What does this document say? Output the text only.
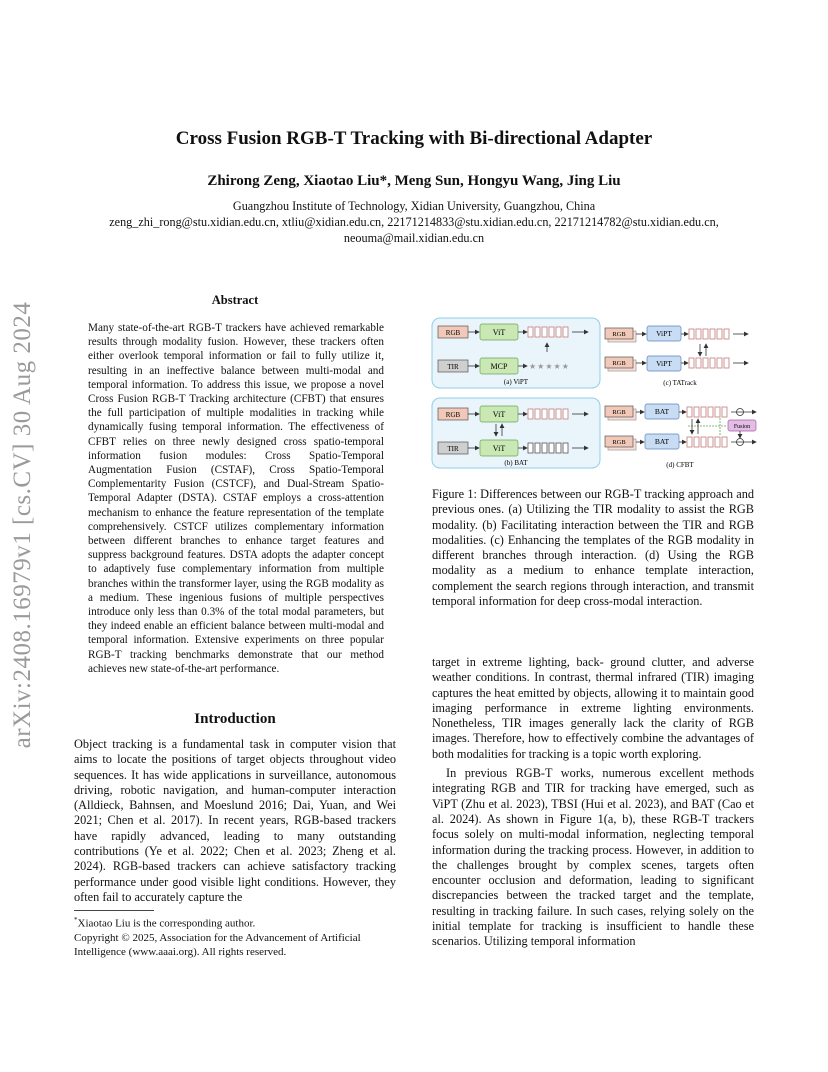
arXiv:2408.16979v1 [cs.CV] 30 Aug 2024
Cross Fusion RGB-T Tracking with Bi-directional Adapter
Zhirong Zeng, Xiaotao Liu*, Meng Sun, Hongyu Wang, Jing Liu
Guangzhou Institute of Technology, Xidian University, Guangzhou, China
zeng_zhi_rong@stu.xidian.edu.cn, xtliu@xidian.edu.cn, 22171214833@stu.xidian.edu.cn, 22171214782@stu.xidian.edu.cn,
neouma@mail.xidian.edu.cn
Abstract
Many state-of-the-art RGB-T trackers have achieved remarkable results through modality fusion. However, these trackers often either overlook temporal information or fail to fully utilize it, resulting in an ineffective balance between multi-modal and temporal information. To address this issue, we propose a novel Cross Fusion RGB-T Tracking architecture (CFBT) that ensures the full participation of multiple modalities in tracking while dynamically fusing temporal information. The effectiveness of CFBT relies on three newly designed cross spatio-temporal information fusion modules: Cross Spatio-Temporal Augmentation Fusion (CSTAF), Cross Spatio-Temporal Complementarity Fusion (CSTCF), and Dual-Stream Spatio-Temporal Adapter (DSTA). CSTAF employs a cross-attention mechanism to enhance the feature representation of the template comprehensively. CSTCF utilizes complementary information between different branches to enhance target features and suppress background features. DSTA adopts the adapter concept to adaptively fuse complementary information from multiple branches within the transformer layer, using the RGB modality as a medium. These ingenious fusions of multiple perspectives introduce only less than 0.3% of the total modal parameters, but they indeed enable an efficient balance between multi-modal and temporal information. Extensive experiments on three popular RGB-T tracking benchmarks demonstrate that our method achieves new state-of-the-art performance.
Introduction
Object tracking is a fundamental task in computer vision that aims to locate the positions of target objects throughout video sequences. It has wide applications in surveillance, autonomous driving, robotic navigation, and human-computer interaction (Alldieck, Bahnsen, and Moeslund 2016; Dai, Yuan, and Wei 2021; Chen et al. 2017). In recent years, RGB-based trackers have rapidly advanced, leading to many outstanding contributions (Ye et al. 2022; Chen et al. 2023; Zheng et al. 2024). RGB-based trackers can achieve satisfactory tracking performance under good visible light conditions. However, they often fail to accurately capture the
*Xiaotao Liu is the corresponding author.
Copyright © 2025, Association for the Advancement of Artificial Intelligence (www.aaai.org). All rights reserved.
RGB	ViT
TIR	MCP	★★★★★
(a) ViPT
RGB	ViPT
RGB	ViPT
(c) TATrack
RGB	ViT
TIR	ViT
(b) BAT
RGB	BAT
Fusion
RGB	BAT
(d) CFBT
Figure 1: Differences between our RGB-T tracking approach and previous ones. (a) Utilizing the TIR modality to assist the RGB modality. (b) Facilitating interaction between the TIR and RGB modalities. (c) Enhancing the templates of the RGB modality in different branches through interaction. (d) Using the RGB modality as a medium to enhance template interaction, complement the search regions through interaction, and transmit temporal information for deep cross-modal interaction.

target in extreme lighting, back- ground clutter, and adverse weather conditions. In contrast, thermal infrared (TIR) imaging captures the heat emitted by objects, allowing it to maintain good imaging performance in extreme lighting environments. Nonetheless, TIR images generally lack the clarity of RGB images. Therefore, how to effectively combine the advantages of both modalities for tracking is a topic worth exploring.

In previous RGB-T works, numerous excellent methods integrating RGB and TIR for tracking have emerged, such as ViPT (Zhu et al. 2023), TBSI (Hui et al. 2023), and BAT (Cao et al. 2024). As shown in Figure 1(a, b), these RGB-T trackers focus solely on multi-modal information, neglecting temporal information during the tracking process. However, in addition to the challenges brought by complex scenes, targets often encounter occlusion and deformation, leading to significant discrepancies between the tracked target and the template, resulting in tracking failure. In such cases, relying solely on the initial template for tracking is insufficient to handle these scenarios. Utilizing temporal information
